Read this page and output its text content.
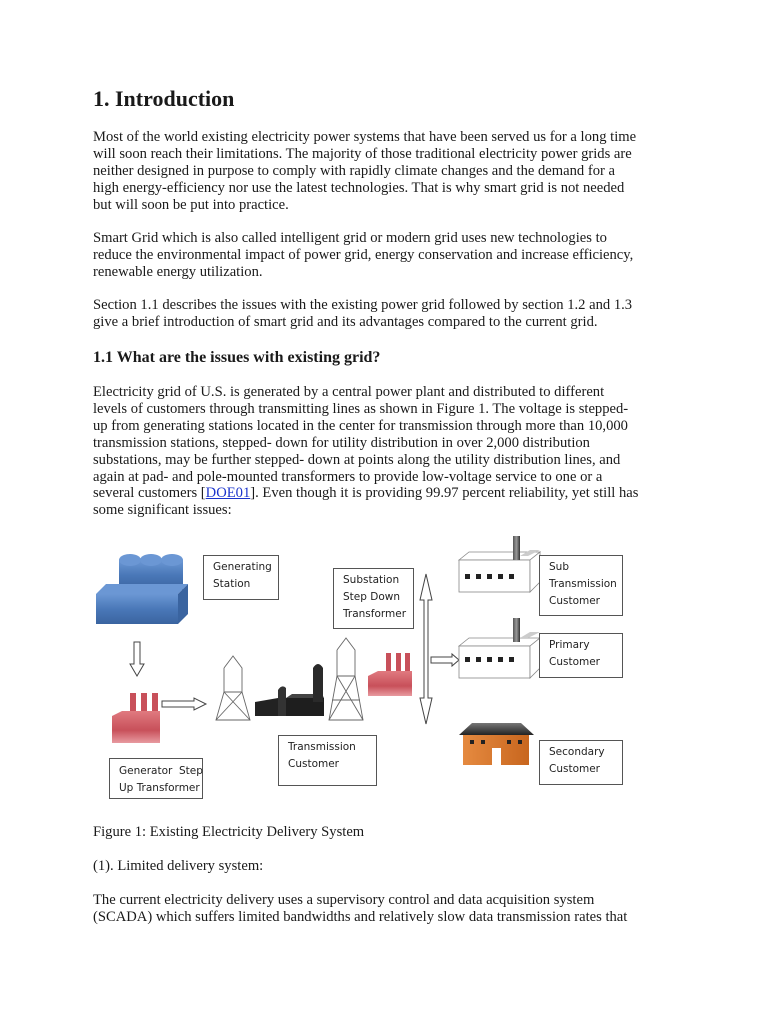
1. Introduction

Most of the world existing electricity power systems that have been served us for a long time
will soon reach their limitations. The majority of those traditional electricity power grids are
neither designed in purpose to comply with rapidly climate changes and the demand for a
high energy-efficiency nor use the latest technologies. That is why smart grid is not needed
but will soon be put into practice.

Smart Grid which is also called intelligent grid or modern grid uses new technologies to
reduce the environmental impact of power grid, energy conservation and increase efficiency,
renewable energy utilization.

Section 1.1 describes the issues with the existing power grid followed by section 1.2 and 1.3
give a brief introduction of smart grid and its advantages compared to the current grid.

1.1 What are the issues with existing grid?

Electricity grid of U.S. is generated by a central power plant and distributed to different
levels of customers through transmitting lines as shown in Figure 1. The voltage is stepped-
up from generating stations located in the center for transmission through more than 10,000
transmission stations, stepped- down for utility distribution in over 2,000 distribution
substations, may be further stepped- down at points along the utility distribution lines, and
again at pad- and pole-mounted transformers to provide low-voltage service to one or a
several customers [DOE01]. Even though it is providing 99.97 percent reliability, yet still has
some significant issues:

Generating
Station	Substation
Step Down
Transformer
Sub
Transmission
Customer
Primary
Customer
Transmission
Customer
Secondary
Customer
Generator  Step
Up Transformer

Figure 1: Existing Electricity Delivery System

(1). Limited delivery system:

The current electricity delivery uses a supervisory control and data acquisition system
(SCADA) which suffers limited bandwidths and relatively slow data transmission rates that
